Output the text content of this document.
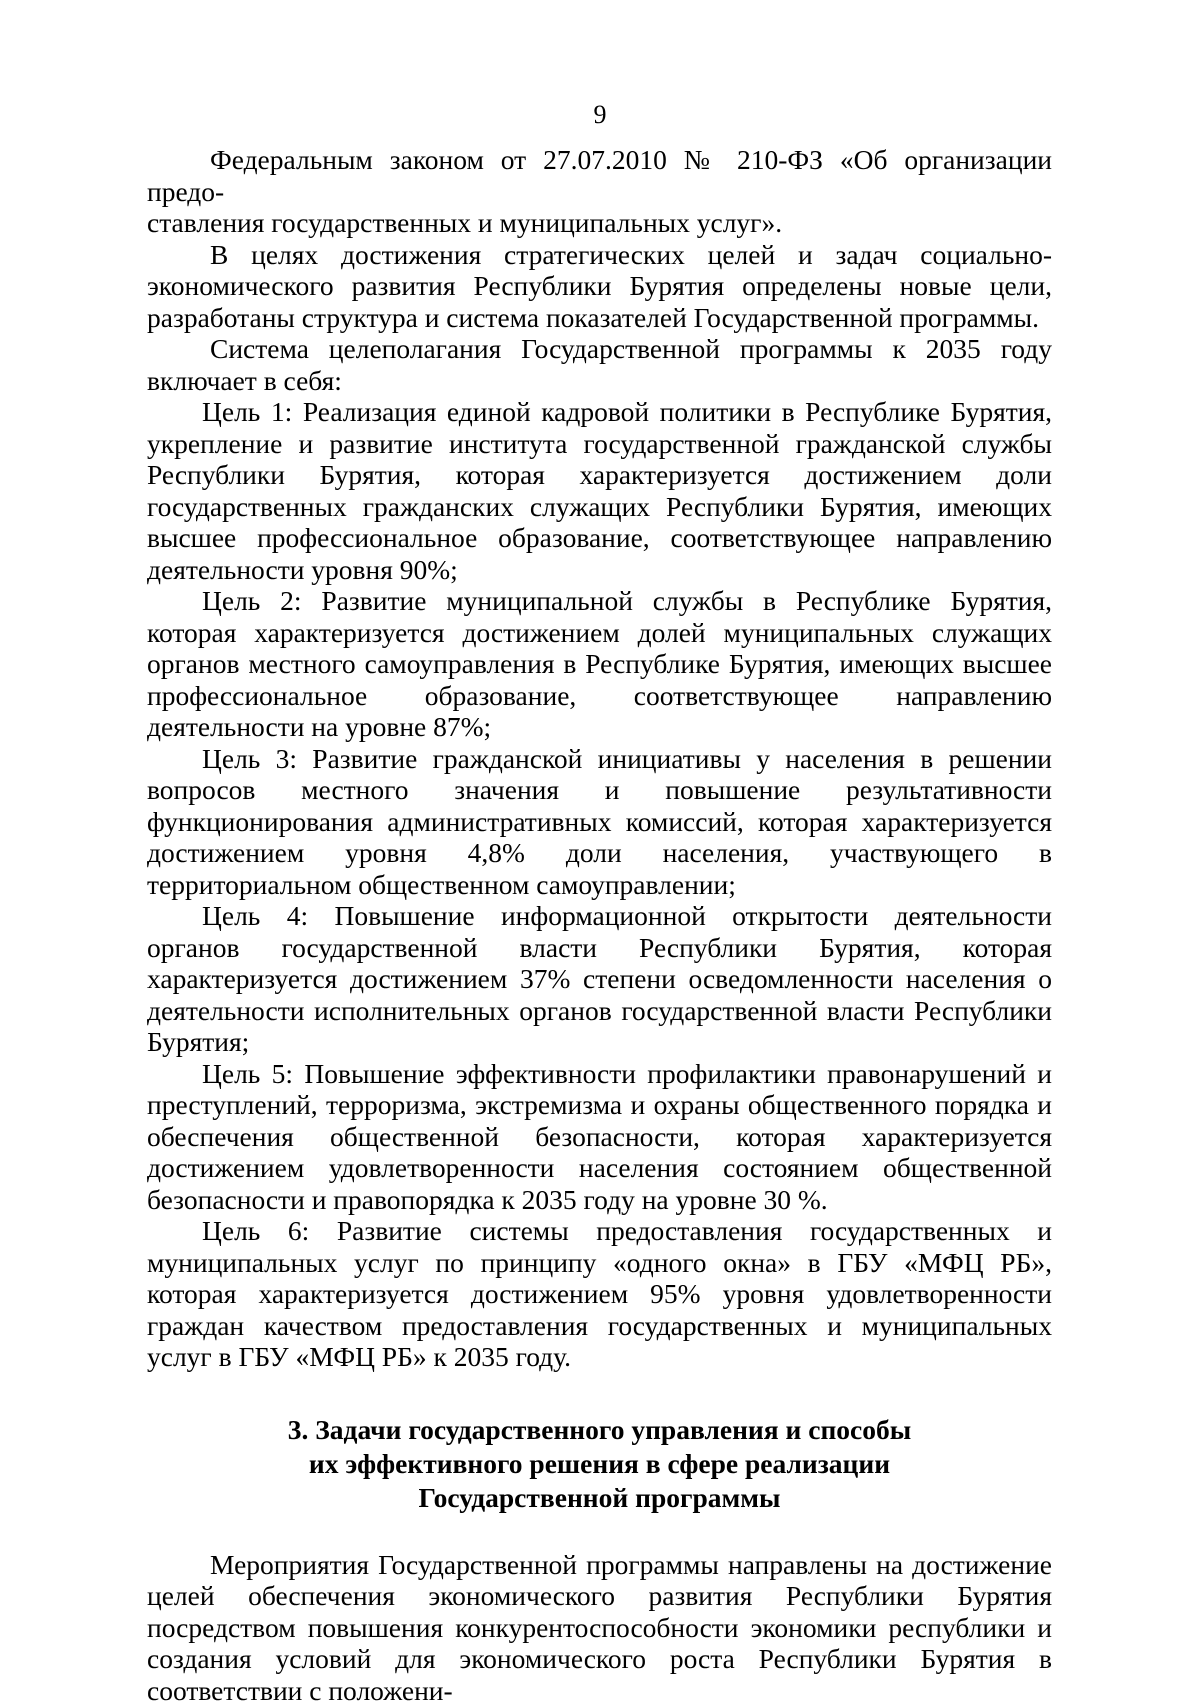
9

Федеральным законом от 27.07.2010 № 210-ФЗ «Об организации предо-

ставления государственных и муниципальных услуг».

В целях достижения стратегических целей и задач социально-экономического развития Республики Бурятия определены новые цели, разработаны структура и система показателей Государственной программы.

Система целеполагания Государственной программы к 2035 году включает в себя:

Цель 1: Реализация единой кадровой политики в Республике Бурятия, укрепление и развитие института государственной гражданской службы Республики Бурятия, которая характеризуется достижением доли государственных гражданских служащих Республики Бурятия, имеющих высшее профессиональное образование, соответствующее направлению деятельности уровня 90%;

Цель 2: Развитие муниципальной службы в Республике Бурятия, которая характеризуется достижением долей муниципальных служащих органов местного самоуправления в Республике Бурятия, имеющих высшее профессиональное образование, соответствующее направлению деятельности на уровне 87%;

Цель 3: Развитие гражданской инициативы у населения в решении вопросов местного значения и повышение результативности функционирования административных комиссий, которая характеризуется достижением уровня 4,8% доли населения, участвующего в территориальном общественном самоуправлении;

Цель 4: Повышение информационной открытости деятельности органов государственной власти Республики Бурятия, которая характеризуется достижением 37% степени осведомленности населения о деятельности исполнительных органов государственной власти Республики Бурятия;

Цель 5: Повышение эффективности профилактики правонарушений и преступлений, терроризма, экстремизма и охраны общественного порядка и обеспечения общественной безопасности, которая характеризуется достижением удовлетворенности населения состоянием общественной безопасности и правопорядка к 2035 году на уровне 30 %.

Цель 6: Развитие системы предоставления государственных и муниципальных услуг по принципу «одного окна» в ГБУ «МФЦ РБ», которая характеризуется достижением 95% уровня удовлетворенности граждан качеством предоставления государственных и муниципальных услуг в ГБУ «МФЦ РБ» к 2035 году.

3. Задачи государственного управления и способы
их эффективного решения в сфере реализации
Государственной программы

Мероприятия Государственной программы направлены на достижение целей обеспечения экономического развития Республики Бурятия посредством повышения конкурентоспособности экономики республики и создания условий для экономического роста Республики Бурятия в соответствии с положени-
